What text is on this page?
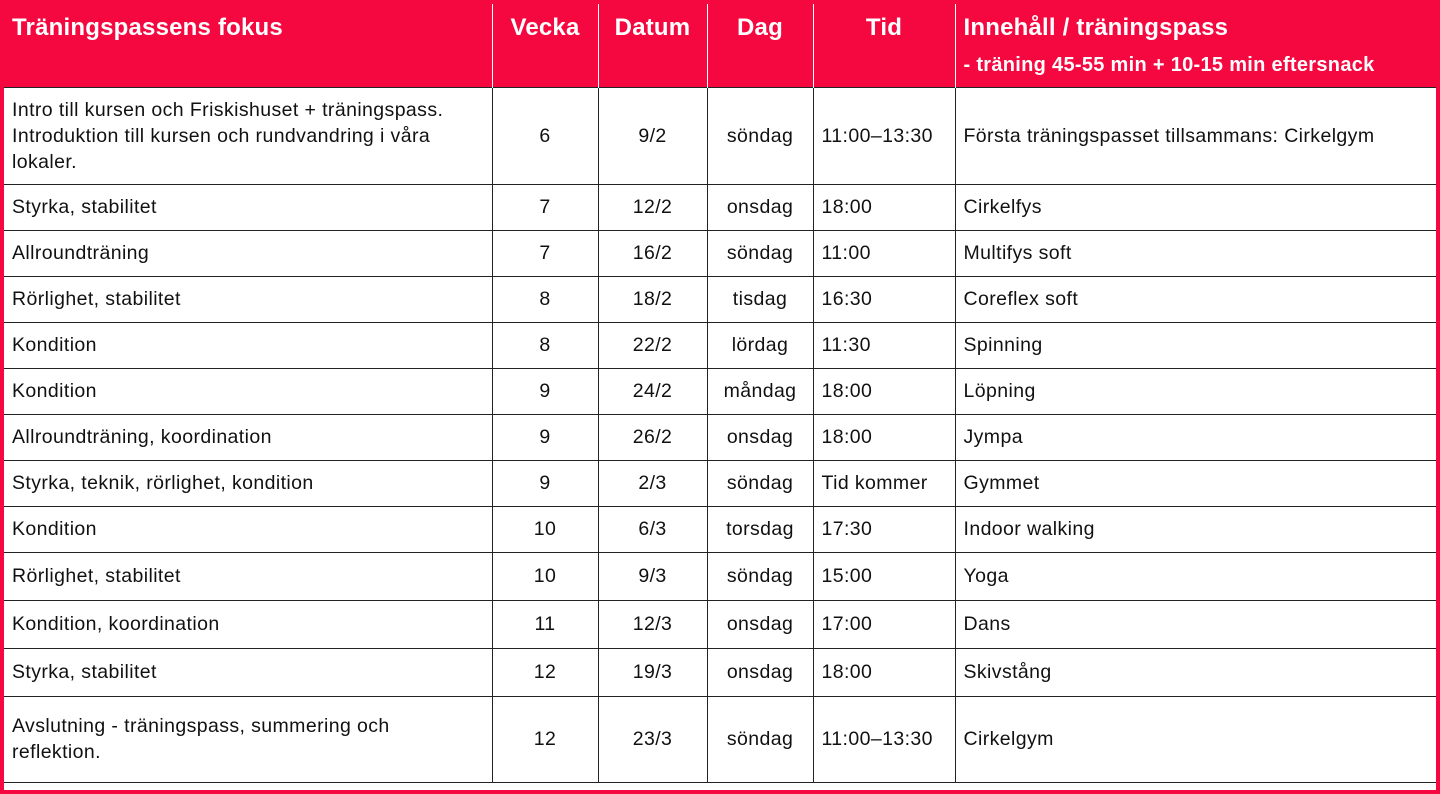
Träningspassens fokus	Vecka	Datum	Dag	Tid	Innehåll / träningspass
- träning 45-55 min + 10-15 min eftersnack

Intro till kursen och Friskishuset + träningspass. Introduktion till kursen och rundvandring i våra lokaler.	6	9/2	söndag	11:00–13:30	Första träningspasset tillsammans: Cirkelgym
Styrka, stabilitet	7	12/2	onsdag	18:00	Cirkelfys
Allroundträning	7	16/2	söndag	11:00	Multifys soft
Rörlighet, stabilitet	8	18/2	tisdag	16:30	Coreflex soft
Kondition	8	22/2	lördag	11:30	Spinning
Kondition	9	24/2	måndag	18:00	Löpning
Allroundträning, koordination	9	26/2	onsdag	18:00	Jympa
Styrka, teknik, rörlighet, kondition	9	2/3	söndag	Tid kommer	Gymmet
Kondition	10	6/3	torsdag	17:30	Indoor walking
Rörlighet, stabilitet	10	9/3	söndag	15:00	Yoga
Kondition, koordination	11	12/3	onsdag	17:00	Dans
Styrka, stabilitet	12	19/3	onsdag	18:00	Skivstång
Avslutning - träningspass, summering och reflektion.	12	23/3	söndag	11:00–13:30	Cirkelgym
